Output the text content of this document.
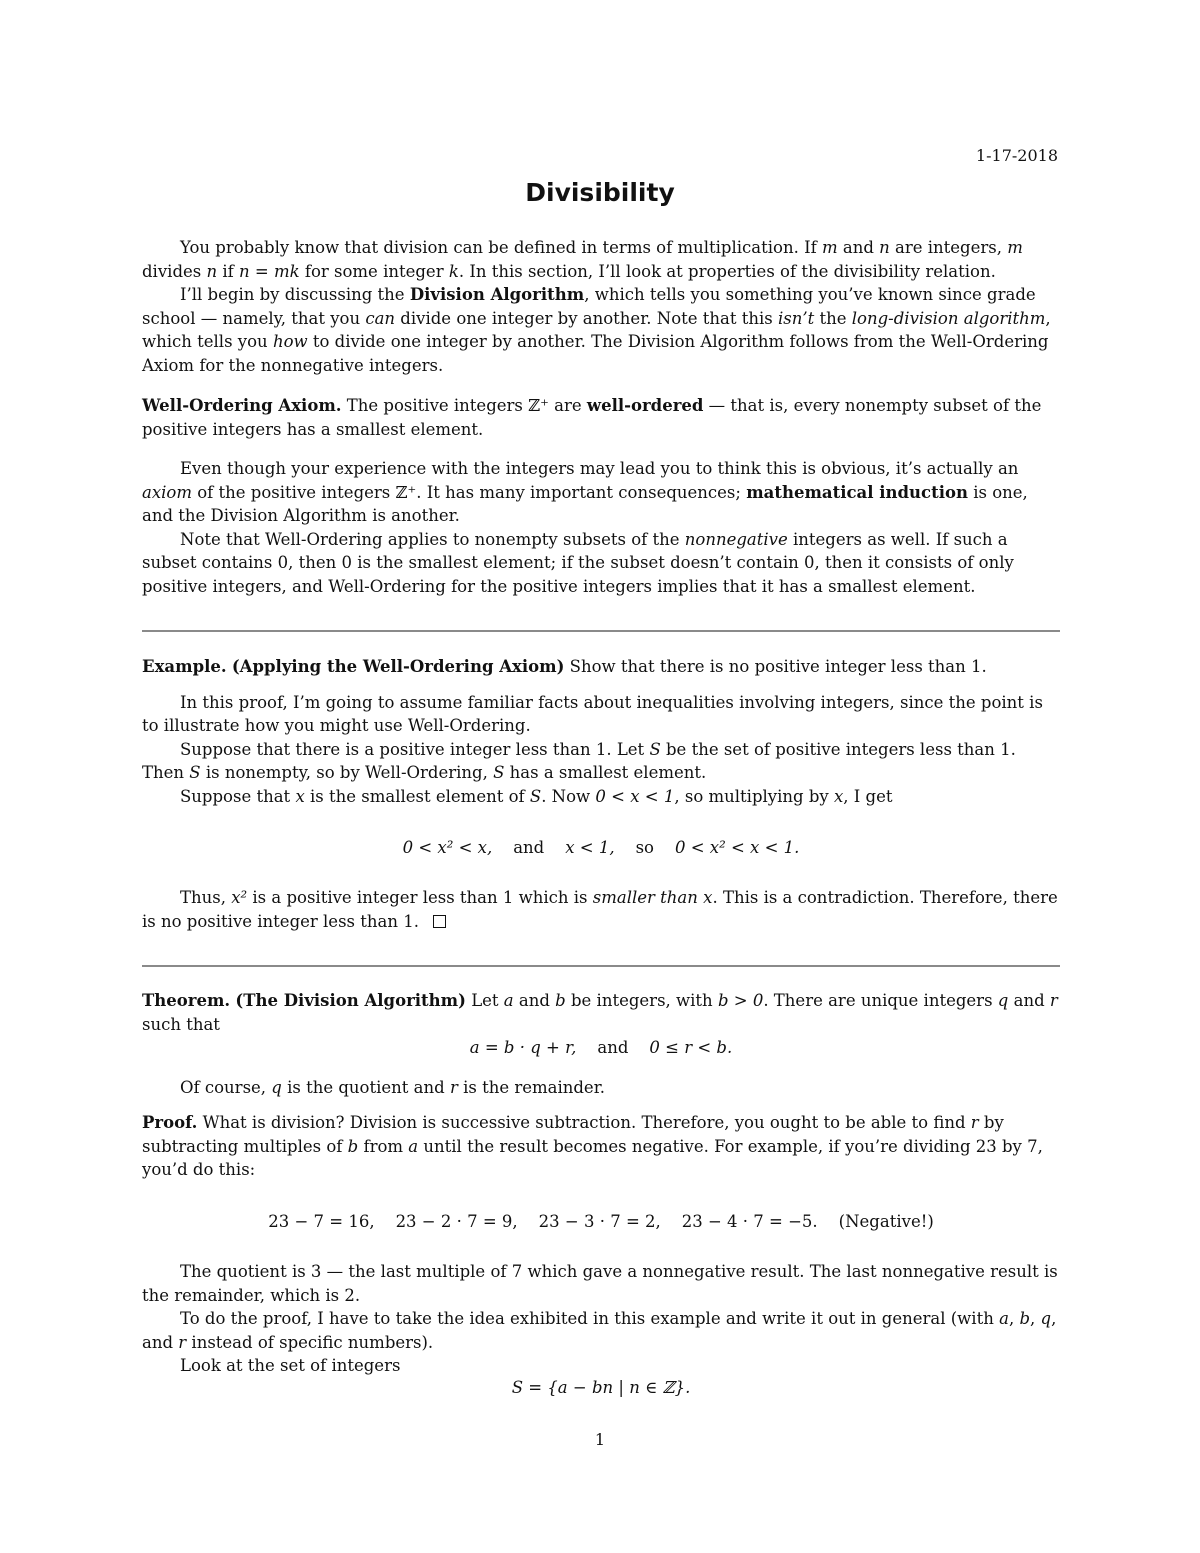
1-17-2018
Divisibility

You probably know that division can be defined in terms of multiplication. If m and n are integers, m divides n if n = mk for some integer k. In this section, I’ll look at properties of the divisibility relation.

I’ll begin by discussing the Division Algorithm, which tells you something you’ve known since grade school — namely, that you can divide one integer by another. Note that this isn’t the long-division algorithm, which tells you how to divide one integer by another. The Division Algorithm follows from the Well-Ordering Axiom for the nonnegative integers.

Well-Ordering Axiom. The positive integers ℤ⁺ are well-ordered — that is, every nonempty subset of the positive integers has a smallest element.

Even though your experience with the integers may lead you to think this is obvious, it’s actually an axiom of the positive integers ℤ⁺. It has many important consequences; mathematical induction is one, and the Division Algorithm is another.

Note that Well-Ordering applies to nonempty subsets of the nonnegative integers as well. If such a subset contains 0, then 0 is the smallest element; if the subset doesn’t contain 0, then it consists of only positive integers, and Well-Ordering for the positive integers implies that it has a smallest element.

Example. (Applying the Well-Ordering Axiom) Show that there is no positive integer less than 1.

In this proof, I’m going to assume familiar facts about inequalities involving integers, since the point is to illustrate how you might use Well-Ordering.

Suppose that there is a positive integer less than 1. Let S be the set of positive integers less than 1. Then S is nonempty, so by Well-Ordering, S has a smallest element.

Suppose that x is the smallest element of S. Now 0 < x < 1, so multiplying by x, I get

0 < x² < x, and x < 1, so 0 < x² < x < 1.

Thus, x² is a positive integer less than 1 which is smaller than x. This is a contradiction. Therefore, there is no positive integer less than 1.

Theorem. (The Division Algorithm) Let a and b be integers, with b > 0. There are unique integers q and r such that

a = b · q + r, and 0 ≤ r < b.

Of course, q is the quotient and r is the remainder.

Proof. What is division? Division is successive subtraction. Therefore, you ought to be able to find r by subtracting multiples of b from a until the result becomes negative. For example, if you’re dividing 23 by 7, you’d do this:

23 − 7 = 16, 23 − 2 · 7 = 9, 23 − 3 · 7 = 2, 23 − 4 · 7 = −5. (Negative!)

The quotient is 3 — the last multiple of 7 which gave a nonnegative result. The last nonnegative result is the remainder, which is 2.

To do the proof, I have to take the idea exhibited in this example and write it out in general (with a, b, q, and r instead of specific numbers).

Look at the set of integers

S = {a − bn | n ∈ ℤ}.
1
